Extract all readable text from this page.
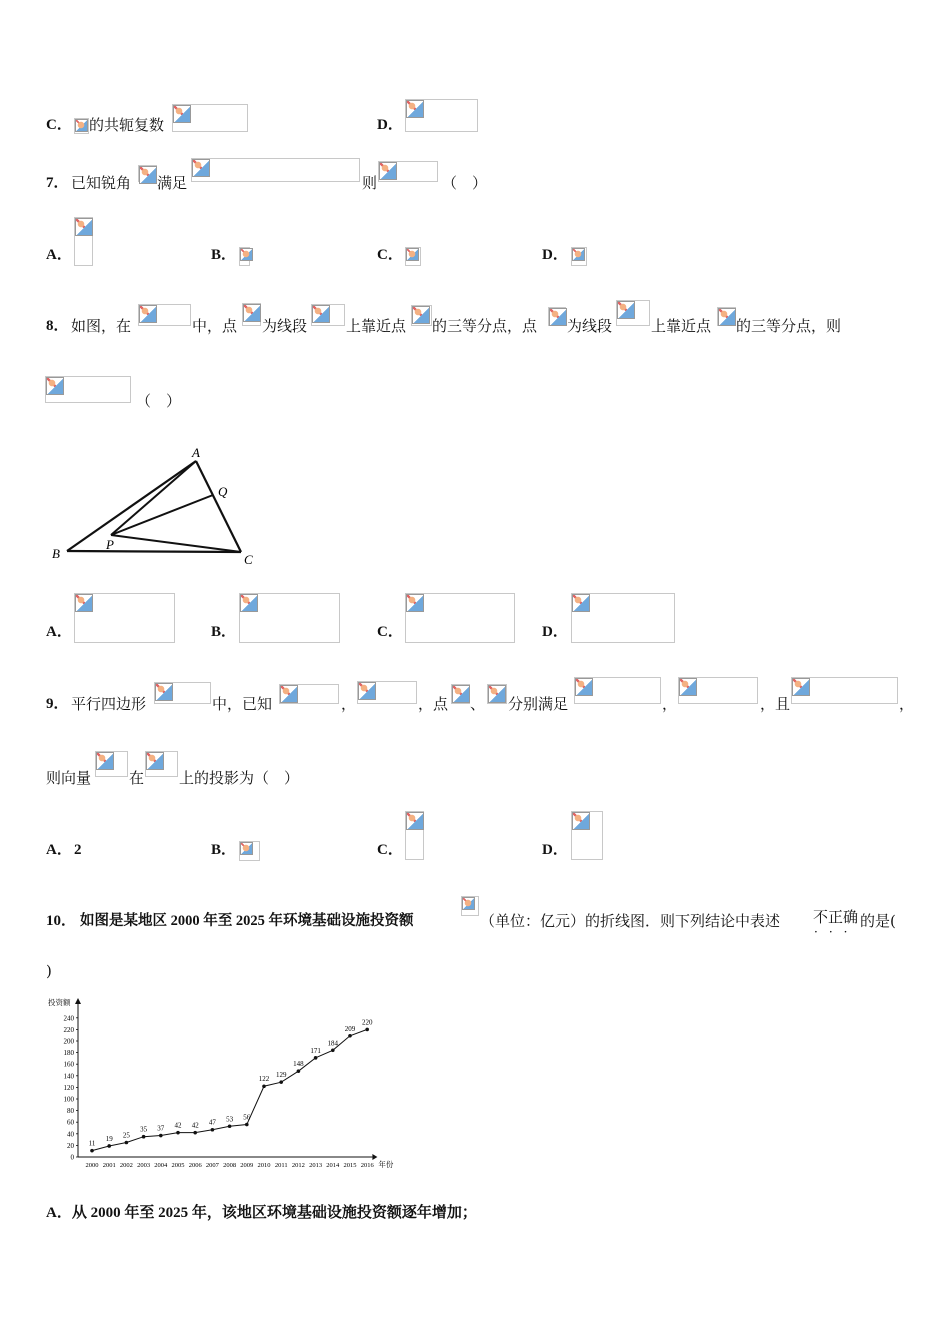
C． 的共轭复数	D．
7． 已知锐角 满足	则	（　）
A．	B．	C．	D．
8． 如图，在	中，点 为线段	上靠近点 的三等分点，点 为线段	上靠近点 的三等分点，则
（　）
A
B	C
P
Q
A．	B．	C．	D．
9． 平行四边形	中，已知	，	，点 、 分别满足	，	，且	，
则向量	在 上的投影为（　）
A． 2	B．	C．	D．
10． 如图是某地区 2000 年至 2025 年环境基础设施投资额	（单位：亿元）的折线图．则下列结论中表述 不正确
···
的是(
)
投资额
年份
0
20
40
60
80
100
120
140
160
180
200
220
240
11
2000
19
2001
25
2002
35
2003
37
2004
42
2005
42
2006
47
2007
53
2008
56
2009
122
2010
129
2011
148
2012
171
2013
184
2014
209
2015
220
2016
A．从 2000 年至 2025 年，该地区环境基础设施投资额逐年增加；
